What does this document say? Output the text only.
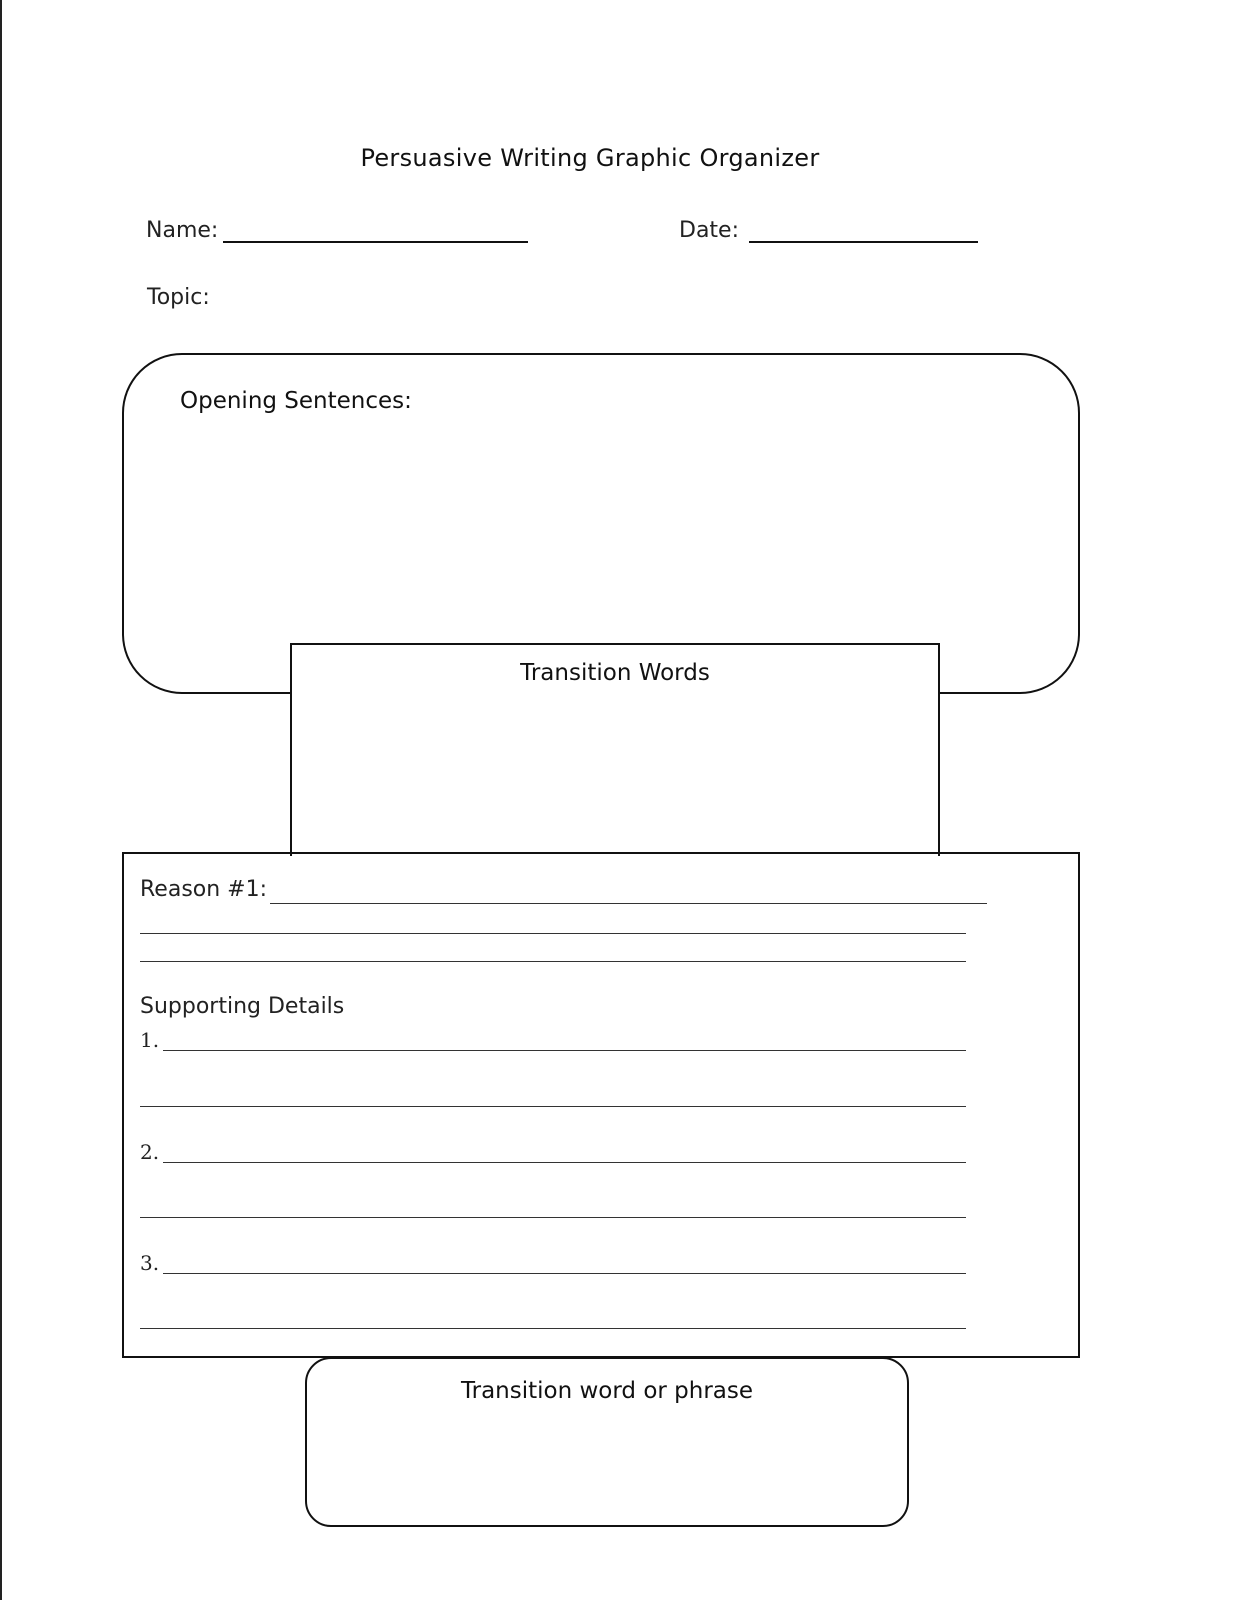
Persuasive Writing Graphic Organizer
Name:	Date:
Topic:
Opening Sentences:
Transition Words
Reason #1:
Supporting Details
1.
2.
3.
Transition word or phrase
